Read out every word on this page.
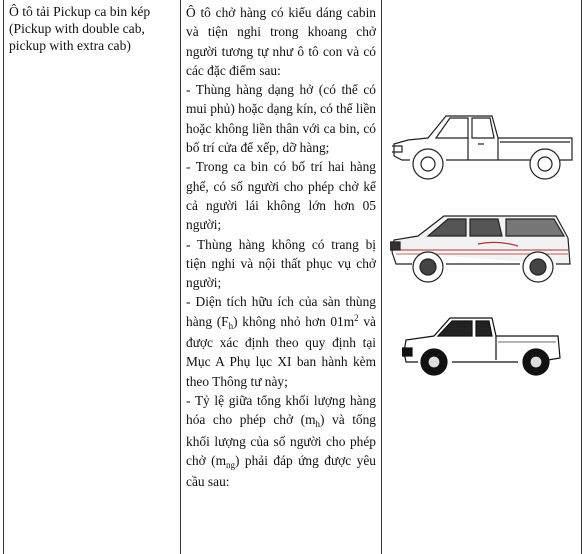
Ô tô tải Pickup ca bin kép
(Pickup with double cab, pickup with extra cab)

Ô tô chở hàng có kiểu dáng cabin và tiện nghi trong khoang chở người tương tự như ô tô con và có các đặc điểm sau:

- Thùng hàng dạng hở (có thể có mui phủ) hoặc dạng kín, có thể liền hoặc không liền thân với ca bin, có bố trí cửa để xếp, dỡ hàng;

- Trong ca bin có bố trí hai hàng ghế, có số người cho phép chở kể cả người lái không lớn hơn 05 người;

- Thùng hàng không có trang bị tiện nghi và nội thất phục vụ chở người;

- Diện tích hữu ích của sàn thùng hàng $(F_h)$ không nhỏ hơn $01m^2$ và được xác định theo quy định tại Mục A Phụ lục XI ban hành kèm theo Thông tư này;

- Tỷ lệ giữa tổng khối lượng hàng hóa cho phép chở $(m_h)$ và tổng khối lượng của số người cho phép chở $(m_{ng})$ phải đáp ứng được yêu cầu sau:
